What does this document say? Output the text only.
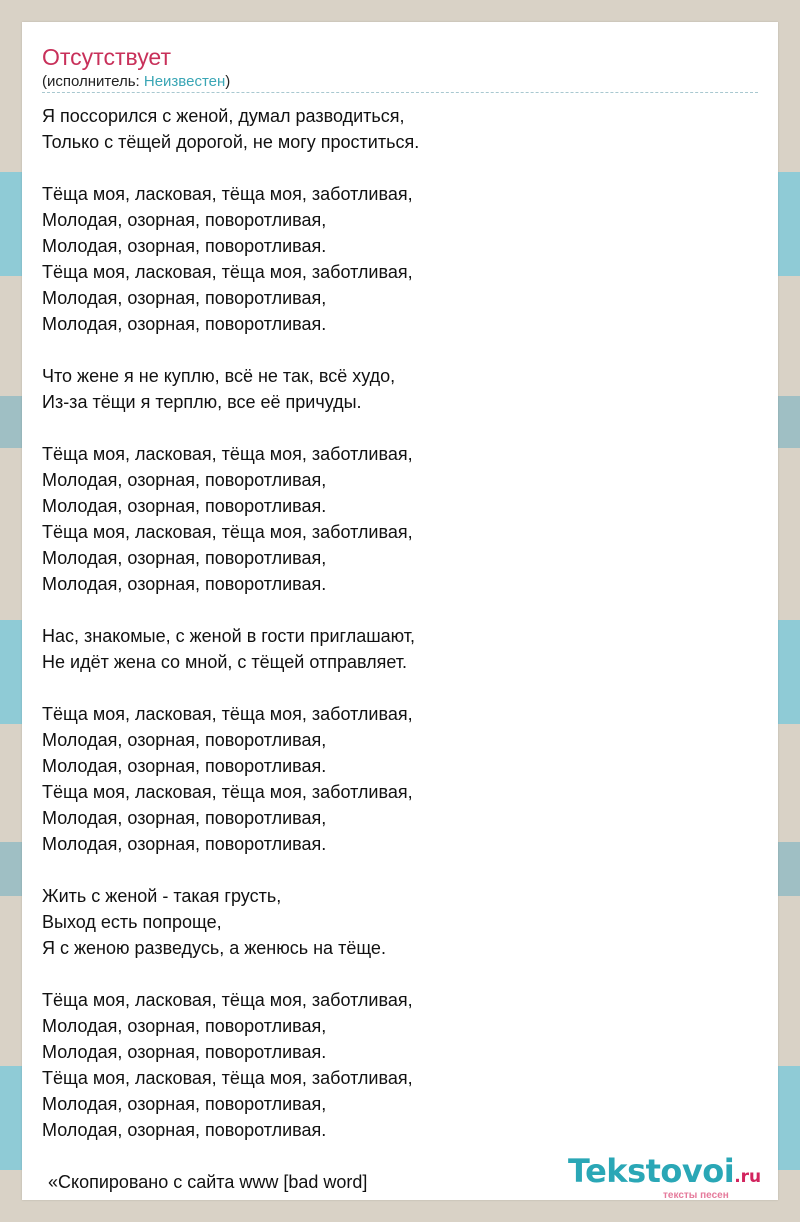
Отсутствует
(исполнитель: Неизвестен)
Я поссорился с женой, думал разводиться,
Только с тёщей дорогой, не могу проститься.
Тёща моя, ласковая, тёща моя, заботливая,
Молодая, озорная, поворотливая,
Молодая, озорная, поворотливая.
Тёща моя, ласковая, тёща моя, заботливая,
Молодая, озорная, поворотливая,
Молодая, озорная, поворотливая.
Что жене я не куплю, всё не так, всё худо,
Из-за тёщи я терплю, все её причуды.
Тёща моя, ласковая, тёща моя, заботливая,
Молодая, озорная, поворотливая,
Молодая, озорная, поворотливая.
Тёща моя, ласковая, тёща моя, заботливая,
Молодая, озорная, поворотливая,
Молодая, озорная, поворотливая.
Нас, знакомые, с женой в гости приглашают,
Не идёт жена со мной, с тёщей отправляет.
Тёща моя, ласковая, тёща моя, заботливая,
Молодая, озорная, поворотливая,
Молодая, озорная, поворотливая.
Тёща моя, ласковая, тёща моя, заботливая,
Молодая, озорная, поворотливая,
Молодая, озорная, поворотливая.
Жить с женой - такая грусть,
Выход есть попроще,
Я с женою разведусь, а женюсь на тёще.
Тёща моя, ласковая, тёща моя, заботливая,
Молодая, озорная, поворотливая,
Молодая, озорная, поворотливая.
Тёща моя, ласковая, тёща моя, заботливая,
Молодая, озорная, поворотливая,
Молодая, озорная, поворотливая.
«Скопировано с сайта www [bad word]	Tekstovoi.ru
тексты песен
